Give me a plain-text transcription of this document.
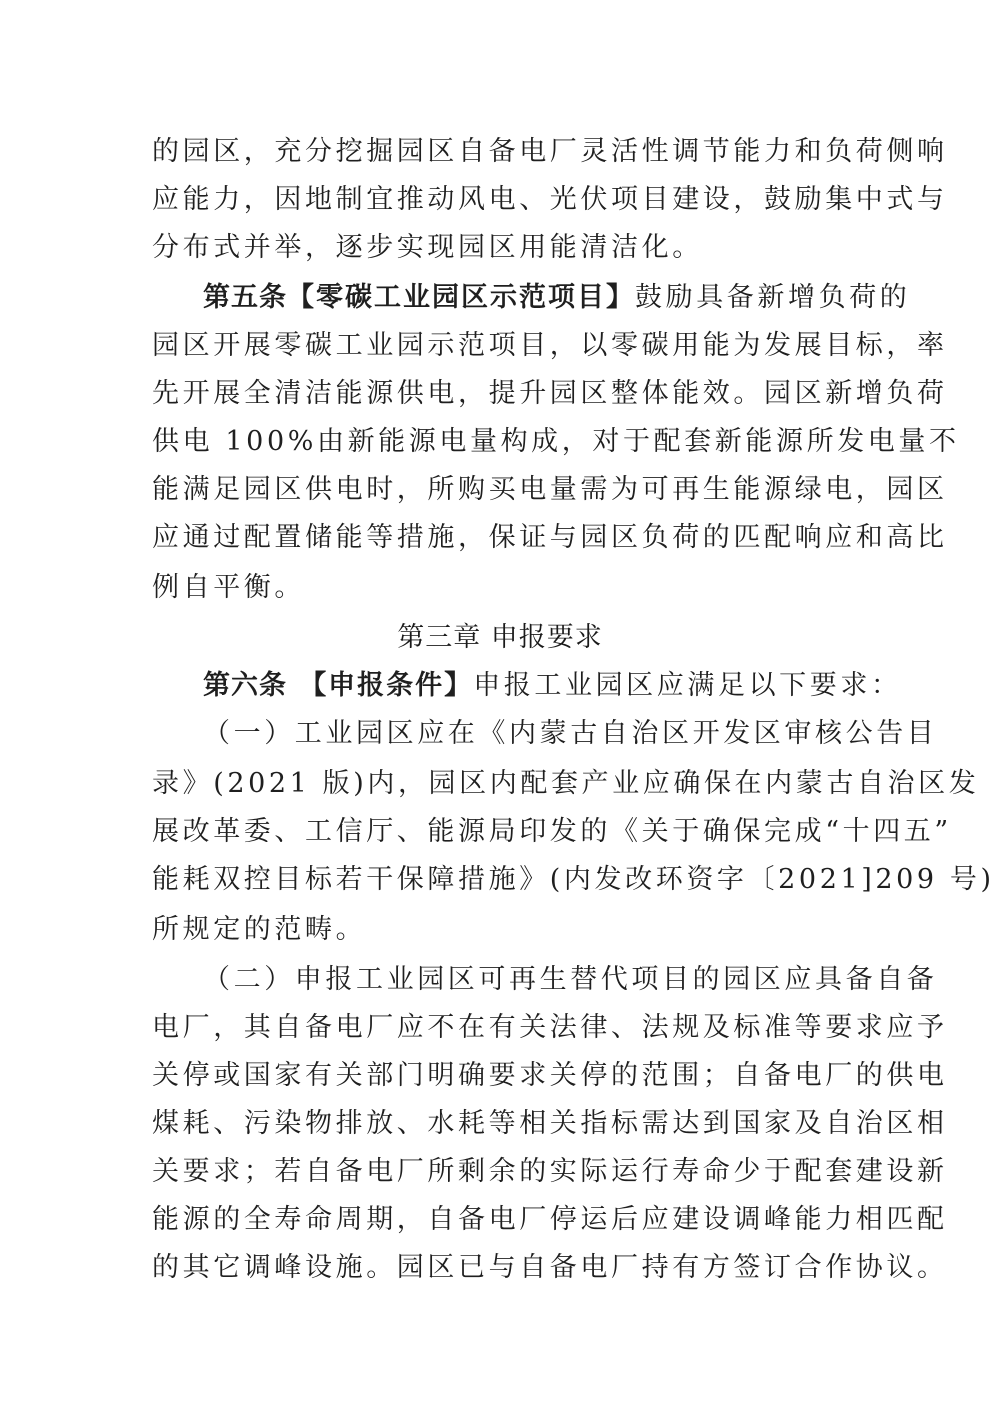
的园区，充分挖掘园区自备电厂灵活性调节能力和负荷侧响
应能力，因地制宜推动风电、光伏项目建设，鼓励集中式与
分布式并举，逐步实现园区用能清洁化。
第五条【零碳工业园区示范项目】鼓励具备新增负荷的
园区开展零碳工业园示范项目，以零碳用能为发展目标，率
先开展全清洁能源供电，提升园区整体能效。园区新增负荷
供电 100%由新能源电量构成，对于配套新能源所发电量不
能满足园区供电时，所购买电量需为可再生能源绿电，园区
应通过配置储能等措施，保证与园区负荷的匹配响应和高比
例自平衡。
第三章 申报要求
第六条 【申报条件】申报工业园区应满足以下要求：
（一）工业园区应在《内蒙古自治区开发区审核公告目
录》(2021 版)内，园区内配套产业应确保在内蒙古自治区发
展改革委、工信厅、能源局印发的《关于确保完成“十四五”
能耗双控目标若干保障措施》(内发改环资字〔2021]209 号)
所规定的范畴。
（二）申报工业园区可再生替代项目的园区应具备自备
电厂，其自备电厂应不在有关法律、法规及标准等要求应予
关停或国家有关部门明确要求关停的范围；自备电厂的供电
煤耗、污染物排放、水耗等相关指标需达到国家及自治区相
关要求；若自备电厂所剩余的实际运行寿命少于配套建设新
能源的全寿命周期，自备电厂停运后应建设调峰能力相匹配
的其它调峰设施。园区已与自备电厂持有方签订合作协议。
